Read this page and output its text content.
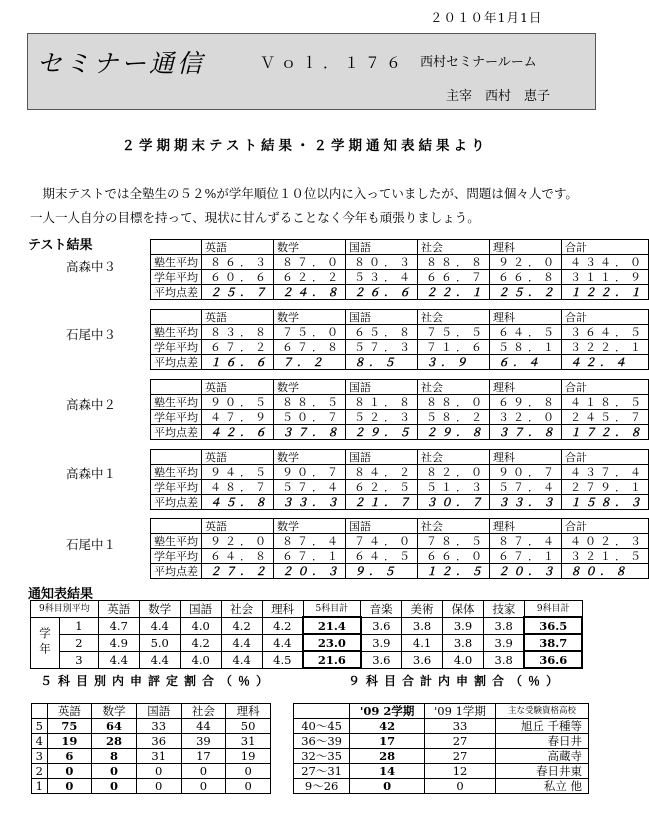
２０１０年1月1日
セミナー通信	Ｖｏｌ．１７６ 西村セミナールーム
主宰　西村　恵子
２学期期末テスト結果・２学期通知表結果より

　期末テストでは全塾生の５２%が学年順位１０位以内に入っていましたが、問題は個々人です。

一人一人自分の目標を持って、現状に甘んずることなく今年も頑張りましょう。

テスト結果
高森中３
	英語	数学	国語	社会	理科	合計
塾生平均	８６．３	８７．０	８０．３	８８．８	９２．０	４３４．０
学年平均	６０．６	６２．２	５３．４	６６．７	６６．８	３１１．９
平均点差	２５．７	２４．８	２６．６	２２．１	２５．２	１２２．１
石尾中３
	英語	数学	国語	社会	理科	合計
塾生平均	８３．８	７５．０	６５．８	７５．５	６４．５	３６４．５
学年平均	６７．２	６７．８	５７．３	７１．６	５８．１	３２２．１
平均点差	１６．６	７．２	８．５	３．９	６．４	４２．４
高森中２
	英語	数学	国語	社会	理科	合計
塾生平均	９０．５	８８．５	８１．８	８８．０	６９．８	４１８．５
学年平均	４７．９	５０．７	５２．３	５８．２	３２．０	２４５．７
平均点差	４２．６	３７．８	２９．５	２９．８	３７．８	１７２．８
高森中１
	英語	数学	国語	社会	理科	合計
塾生平均	９４．５	９０．７	８４．２	８２．０	９０．７	４３７．４
学年平均	４８．７	５７．４	６２．５	５１．３	５７．４	２７９．１
平均点差	４５．８	３３．３	２１．７	３０．７	３３．３	１５８．３
石尾中１
	英語	数学	国語	社会	理科	合計
塾生平均	９２．０	８７．４	７４．０	７８．５	８７．４	４０２．３
学年平均	６４．８	６７．１	６４．５	６６．０	６７．１	３２１．５
平均点差	２７．２	２０．３	９．５	１２．５	２０．３	８０．８
通知表結果
9科目別平均		英語	数学	国語	社会	理科	5科目計	音楽	美術	保体	技家	9科目計
学年	1	4.7	4.4	4.0	4.2	4.2	21.4	3.6	3.8	3.9	3.8	36.5
	2	4.9	5.0	4.2	4.4	4.4	23.0	3.9	4.1	3.8	3.9	38.7
	3	4.4	4.4	4.0	4.4	4.5	21.6	3.6	3.6	4.0	3.8	36.6
５科目別内申評定割合（％）	９科目合計内申割合（％）
	英語	数学	国語	社会	理科
5	75	64	33	44	50
4	19	28	36	39	31
3	6	8	31	17	19
2	0	0	0	0	0
1	0	0	0	0	0
	'09 2学期	'09 1学期	主な受験資格高校
40～45	42	33	旭丘 千種等
36～39	17	27	春日井
32～35	28	27	高蔵寺
27～31	14	12	春日井東
9～26	0	0	私立 他
